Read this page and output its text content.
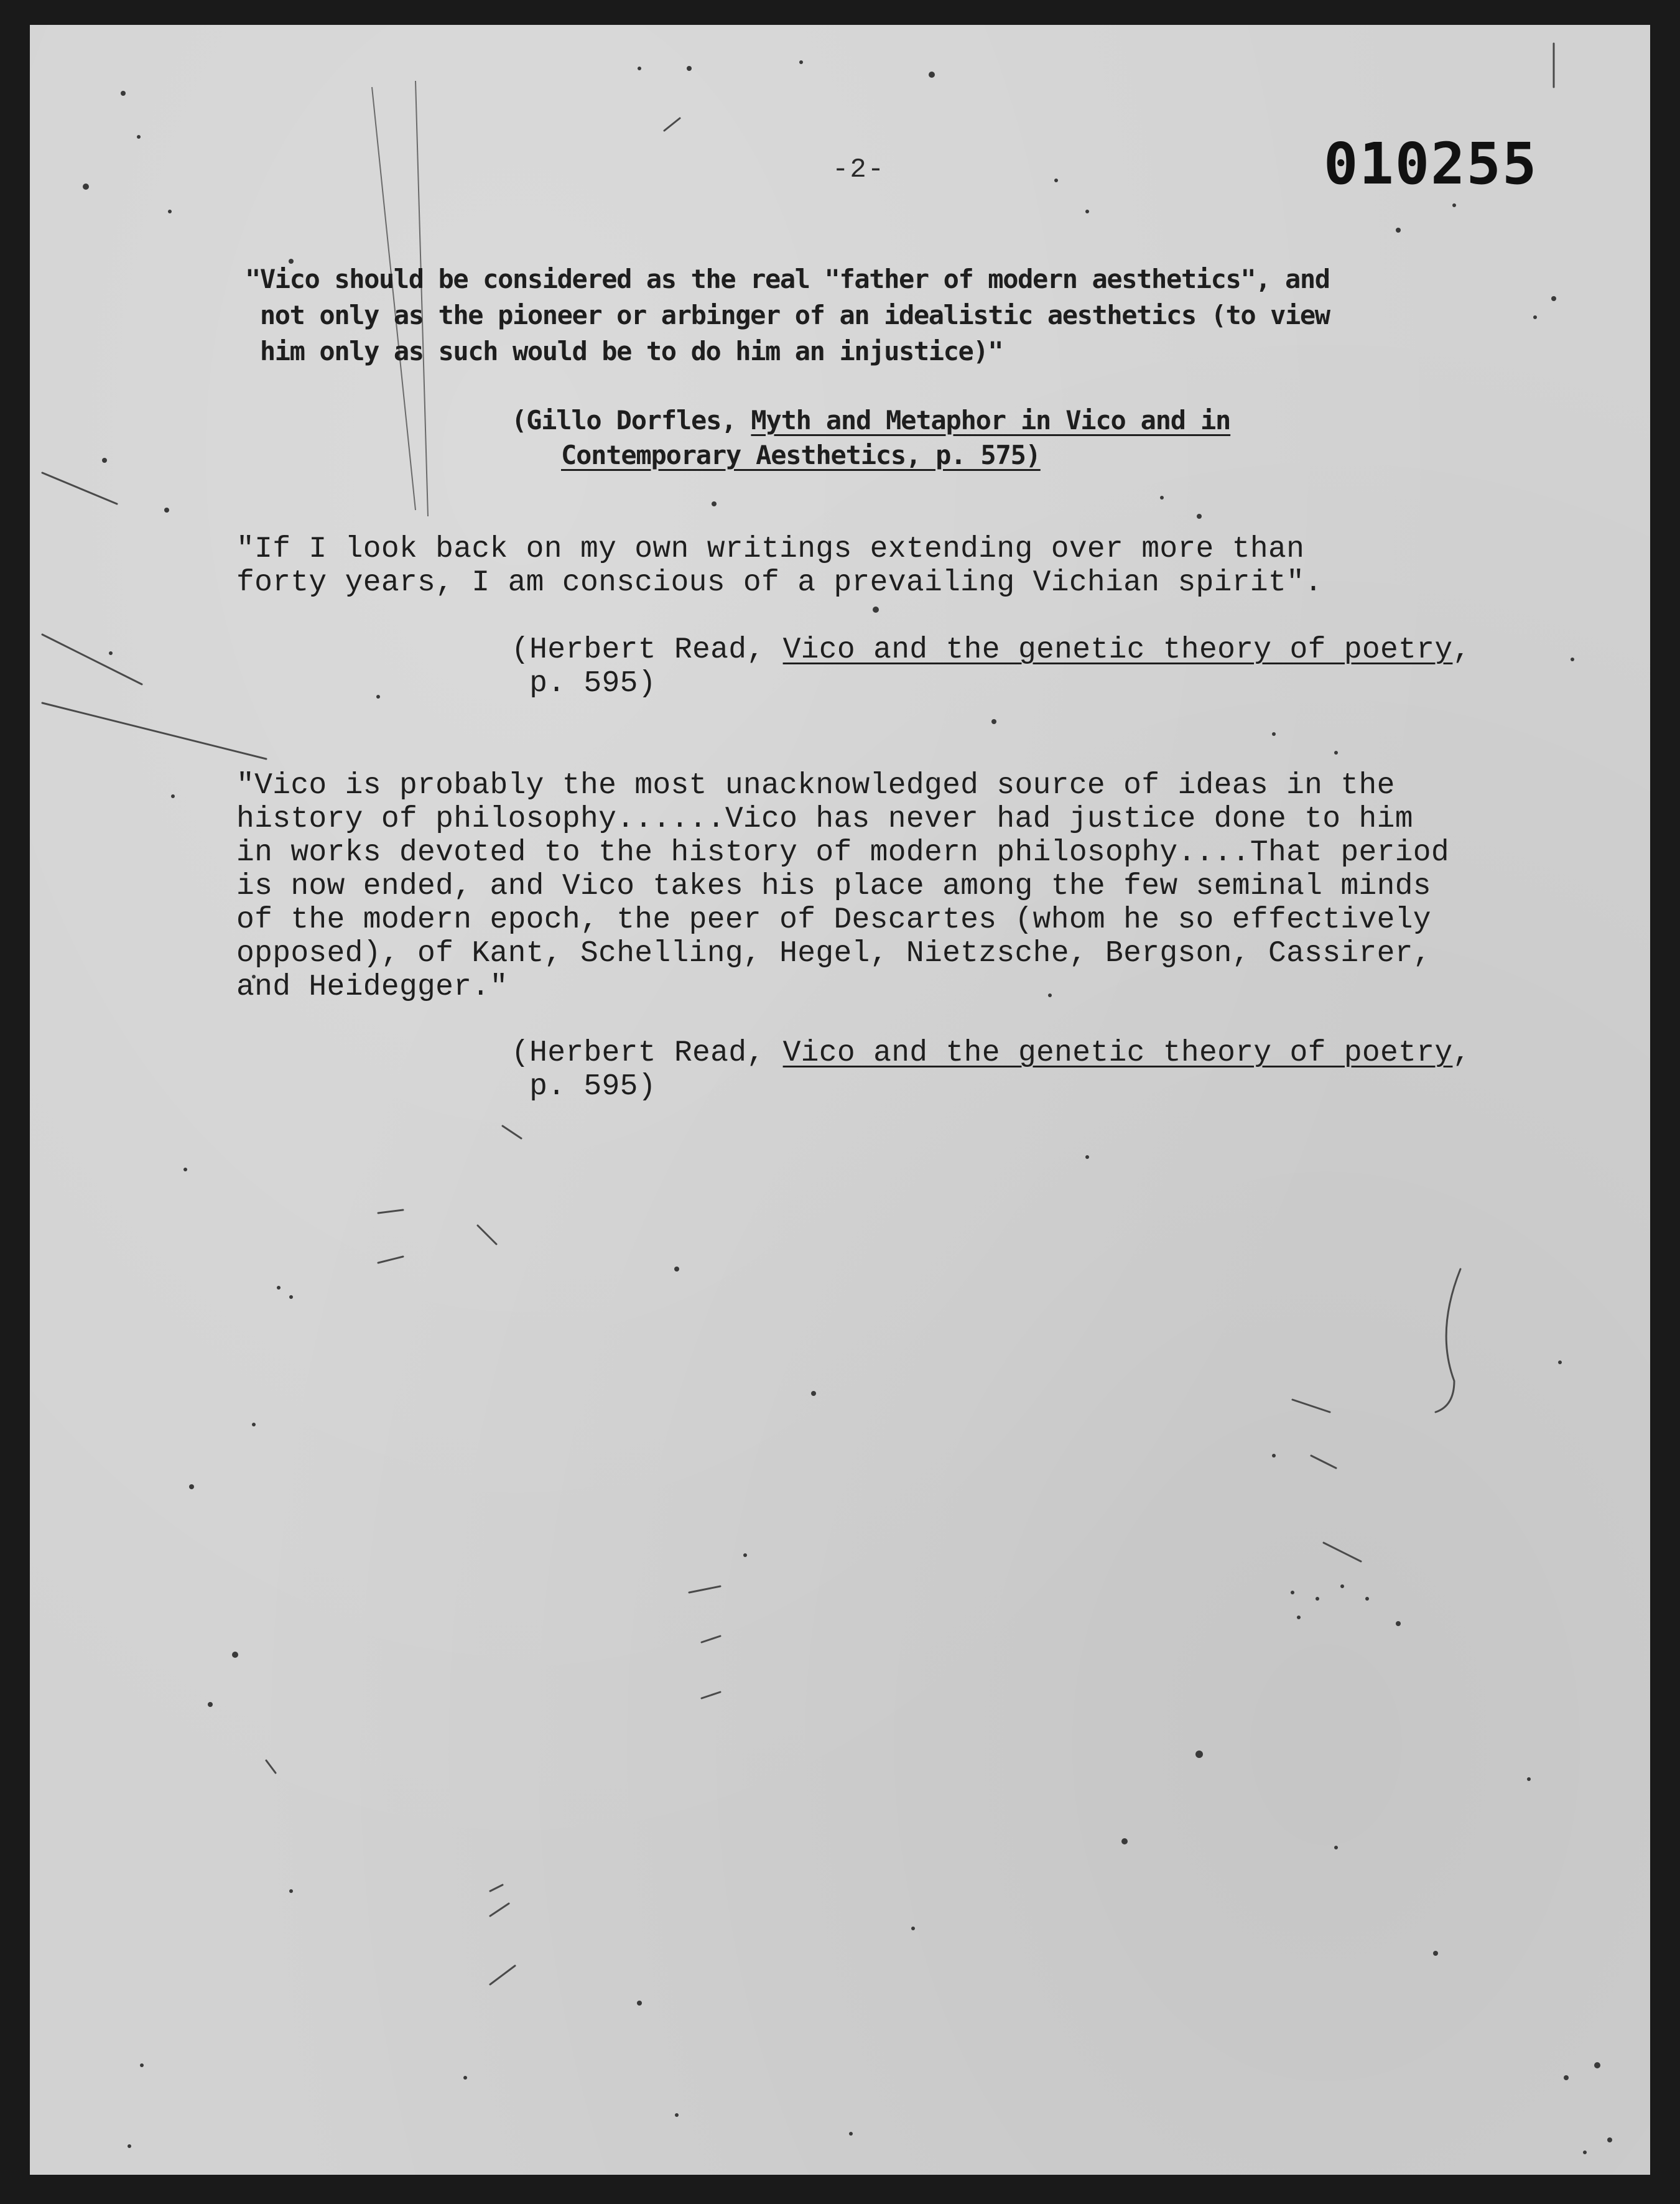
-2-	010255
"Vico should be considered as the real "father of modern aesthetics", and
not only as the pioneer or arbinger of an idealistic aesthetics (to view
him only as such would be to do him an injustice)"
(Gillo Dorfles, Myth and Metaphor in Vico and in
Contemporary Aesthetics, p. 575)
"If I look back on my own writings extending over more than
forty years, I am conscious of a prevailing Vichian spirit".
(Herbert Read, Vico and the genetic theory of poetry,
p. 595)
"Vico is probably the most unacknowledged source of ideas in the
history of philosophy......Vico has never had justice done to him
in works devoted to the history of modern philosophy....That period
is now ended, and Vico takes his place among the few seminal minds
of the modern epoch, the peer of Descartes (whom he so effectively
opposed), of Kant, Schelling, Hegel, Nietzsche, Bergson, Cassirer,
and Heidegger."
(Herbert Read, Vico and the genetic theory of poetry,
p. 595)
